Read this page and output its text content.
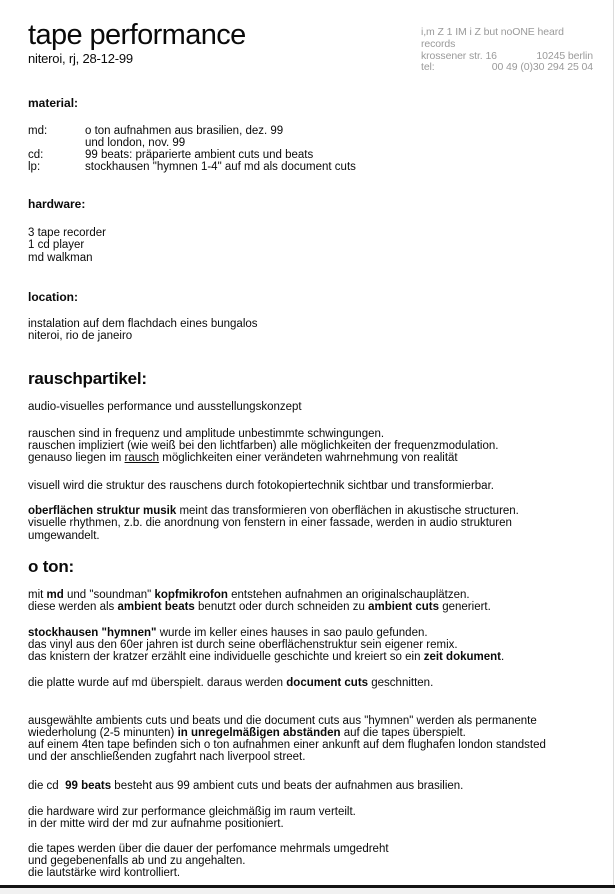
tape performance
niteroi, rj, 28-12-99
i,m Z 1 IM i Z but noONE heard
records
krossener str. 16	10245 berlin
tel:	00 49 (0)30 294 25 04
material:
md:	o ton aufnahmen aus brasilien, dez. 99
und london, nov. 99
cd:	99 beats: präparierte ambient cuts und beats
lp:	stockhausen "hymnen 1-4" auf md als document cuts
hardware:
3 tape recorder
1 cd player
md walkman
location:
instalation auf dem flachdach eines bungalos
niteroi, rio de janeiro
rauschpartikel:

audio-visuelles performance und ausstellungskonzept

rauschen sind in frequenz und amplitude unbestimmte schwingungen.
rauschen impliziert (wie weiß bei den lichtfarben) alle möglichkeiten der frequenzmodulation.
genauso liegen im rausch möglichkeiten einer verändeten wahrnehmung von realität

visuell wird die struktur des rauschens durch fotokopiertechnik sichtbar und transformierbar.

oberflächen struktur musik meint das transformieren von oberflächen in akustische structuren.
visuelle rhythmen, z.b. die anordnung von fenstern in einer fassade, werden in audio strukturen
umgewandelt.

o ton:

mit md und "soundman" kopfmikrofon entstehen aufnahmen an originalschauplätzen.
diese werden als ambient beats benutzt oder durch schneiden zu ambient cuts generiert.

stockhausen "hymnen" wurde im keller eines hauses in sao paulo gefunden.
das vinyl aus den 60er jahren ist durch seine oberflächenstruktur sein eigener remix.
das knistern der kratzer erzählt eine individuelle geschichte und kreiert so ein zeit dokument.

die platte wurde auf md überspielt. daraus werden document cuts geschnitten.

ausgewählte ambients cuts und beats und die document cuts aus "hymnen" werden als permanente
wiederholung (2-5 minunten) in unregelmäßigen abständen auf die tapes überspielt.
auf einem 4ten tape befinden sich o ton aufnahmen einer ankunft auf dem flughafen london standsted
und der anschließenden zugfahrt nach liverpool street.

die cd  99 beats besteht aus 99 ambient cuts und beats der aufnahmen aus brasilien.

die hardware wird zur performance gleichmäßig im raum verteilt.
in der mitte wird der md zur aufnahme positioniert.

die tapes werden über die dauer der perfomance mehrmals umgedreht
und gegebenenfalls ab und zu angehalten.
die lautstärke wird kontrolliert.
